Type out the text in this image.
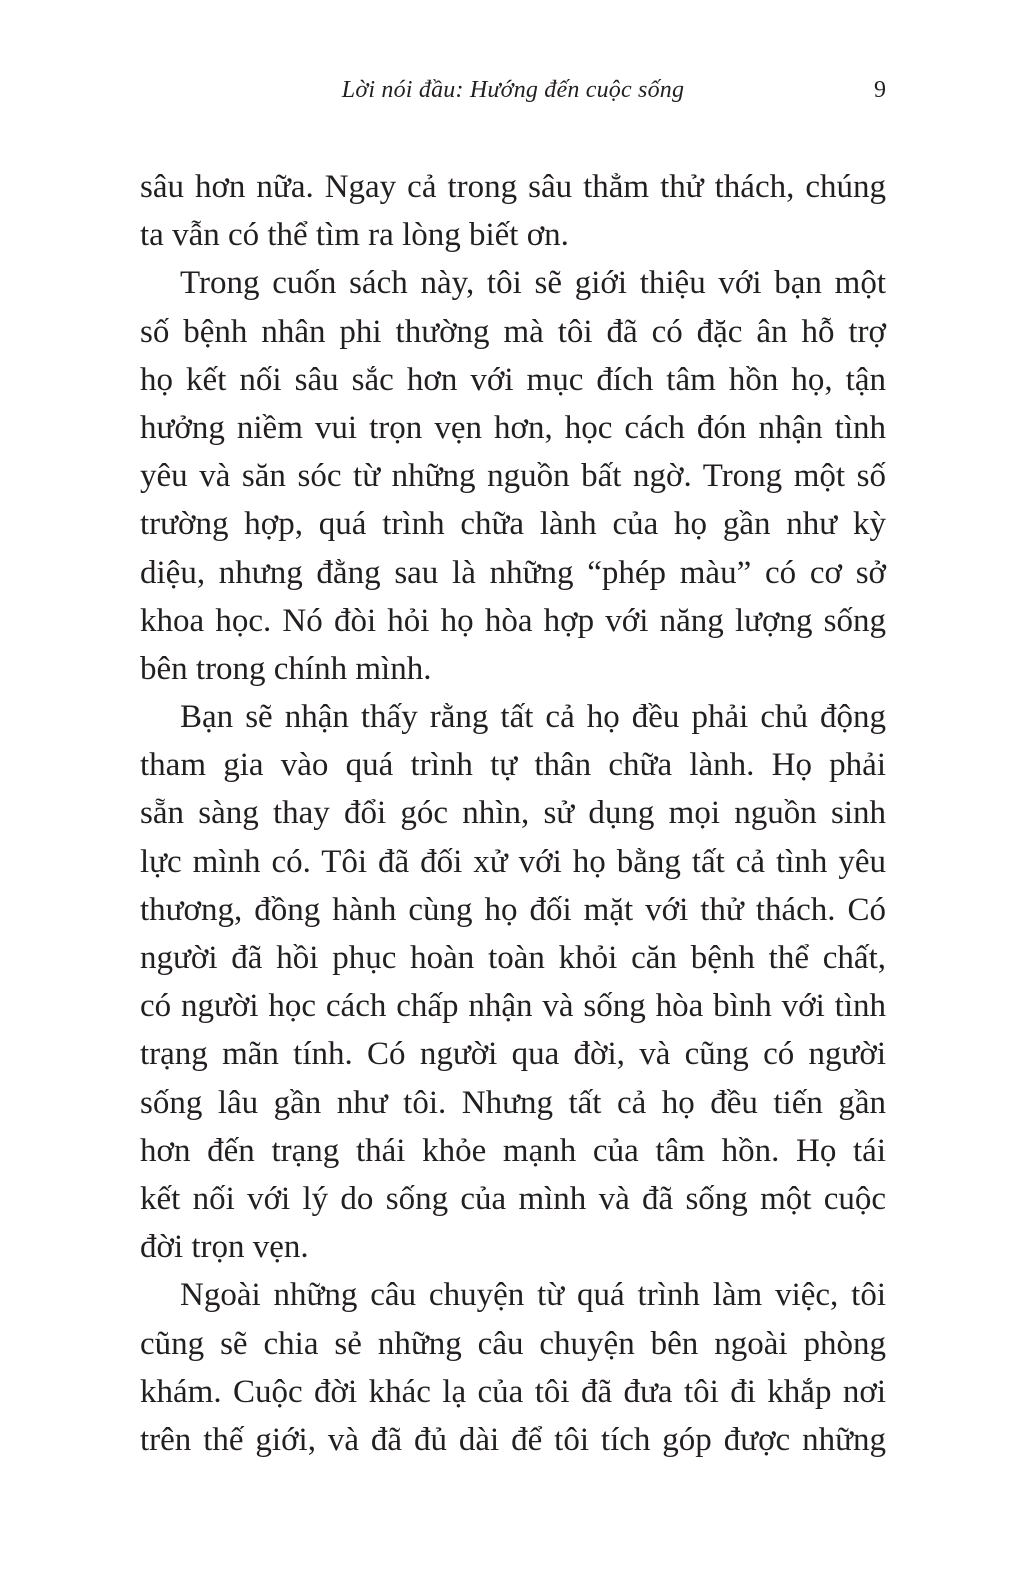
Lời nói đầu: Hướng đến cuộc sống	9
sâu hơn nữa. Ngay cả trong sâu thẳm thử thách, chúng
ta vẫn có thể tìm ra lòng biết ơn.
Trong cuốn sách này, tôi sẽ giới thiệu với bạn một
số bệnh nhân phi thường mà tôi đã có đặc ân hỗ trợ
họ kết nối sâu sắc hơn với mục đích tâm hồn họ, tận
hưởng niềm vui trọn vẹn hơn, học cách đón nhận tình
yêu và săn sóc từ những nguồn bất ngờ. Trong một số
trường hợp, quá trình chữa lành của họ gần như kỳ
diệu, nhưng đằng sau là những “phép màu” có cơ sở
khoa học. Nó đòi hỏi họ hòa hợp với năng lượng sống
bên trong chính mình.
Bạn sẽ nhận thấy rằng tất cả họ đều phải chủ động
tham gia vào quá trình tự thân chữa lành. Họ phải
sẵn sàng thay đổi góc nhìn, sử dụng mọi nguồn sinh
lực mình có. Tôi đã đối xử với họ bằng tất cả tình yêu
thương, đồng hành cùng họ đối mặt với thử thách. Có
người đã hồi phục hoàn toàn khỏi căn bệnh thể chất,
có người học cách chấp nhận và sống hòa bình với tình
trạng mãn tính. Có người qua đời, và cũng có người
sống lâu gần như tôi. Nhưng tất cả họ đều tiến gần
hơn đến trạng thái khỏe mạnh của tâm hồn. Họ tái
kết nối với lý do sống của mình và đã sống một cuộc
đời trọn vẹn.
Ngoài những câu chuyện từ quá trình làm việc, tôi
cũng sẽ chia sẻ những câu chuyện bên ngoài phòng
khám. Cuộc đời khác lạ của tôi đã đưa tôi đi khắp nơi
trên thế giới, và đã đủ dài để tôi tích góp được những
